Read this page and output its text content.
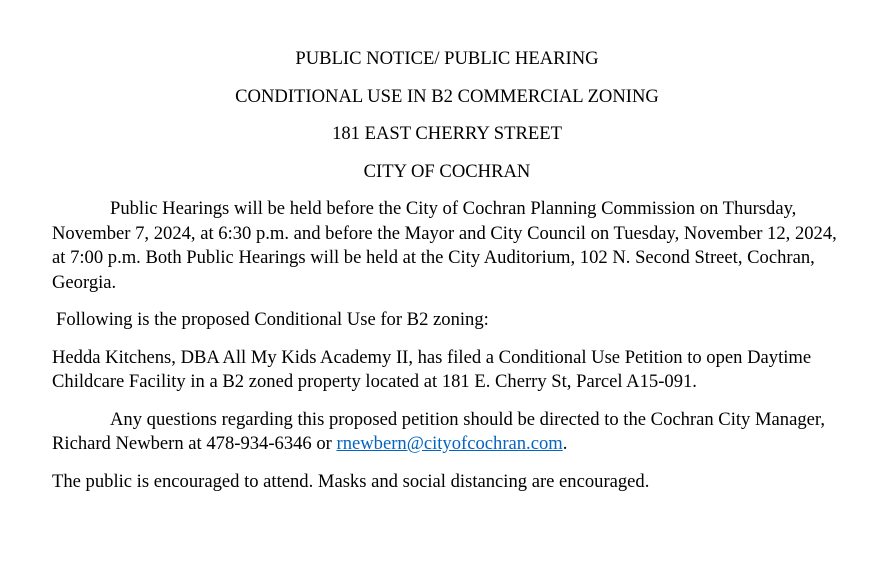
PUBLIC NOTICE/ PUBLIC HEARING
CONDITIONAL USE IN B2 COMMERCIAL ZONING
181 EAST CHERRY STREET
CITY OF COCHRAN

Public Hearings will be held before the City of Cochran Planning Commission on Thursday, November 7, 2024, at 6:30 p.m. and before the Mayor and City Council on Tuesday, November 12, 2024, at 7:00 p.m. Both Public Hearings will be held at the City Auditorium, 102 N. Second Street, Cochran, Georgia.

Following is the proposed Conditional Use for B2 zoning:

Hedda Kitchens, DBA All My Kids Academy II, has filed a Conditional Use Petition to open Daytime Childcare Facility in a B2 zoned property located at 181 E. Cherry St, Parcel A15-091.

Any questions regarding this proposed petition should be directed to the Cochran City Manager, Richard Newbern at 478-934-6346 or rnewbern@cityofcochran.com.

The public is encouraged to attend. Masks and social distancing are encouraged.
